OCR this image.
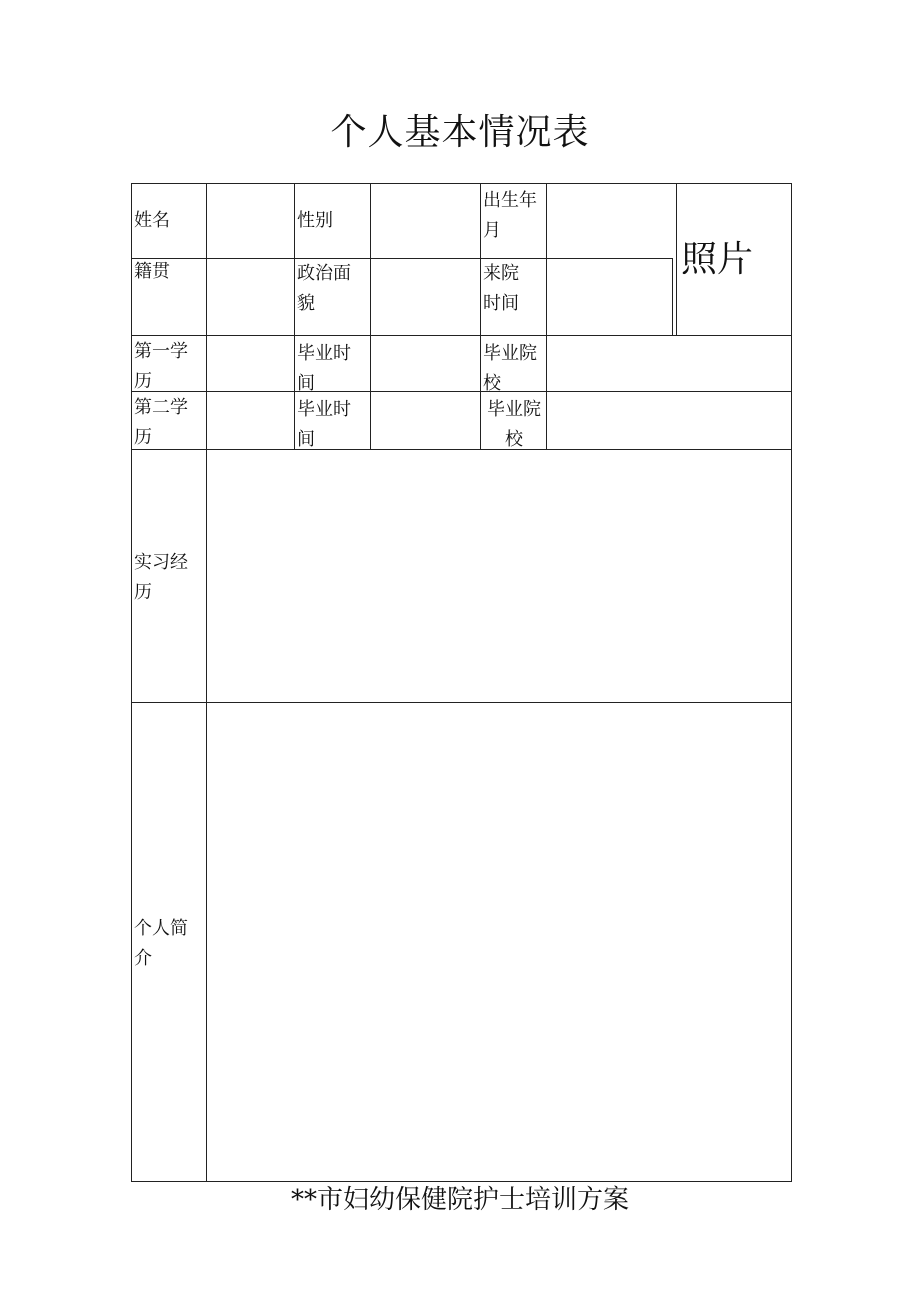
个人基本情况表
姓名	性别
出生年月
照片
籍贯	政治面貌
来院时间
第一学历
毕业时间
毕业院校
第二学历
毕业时间
毕业院校
实习经历
个人简介
**市妇幼保健院护士培训方案
